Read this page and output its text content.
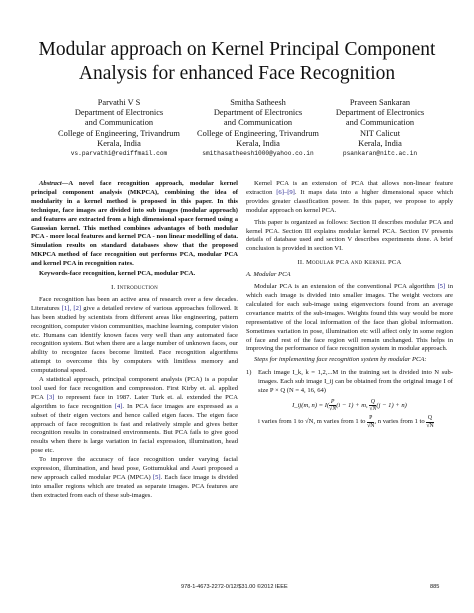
Modular approach on Kernel Principal Component Analysis for enhanced Face Recognition
Parvathi V S
Department of Electronics
and Communication
College of Engineering, Trivandrum
Kerala, India
vs.parvathi@rediffmail.com
Smitha Satheesh
Department of Electronics
and Communication
College of Engineering, Trivandrum
Kerala, India
smithasatheesh1000@yahoo.co.in
Praveen Sankaran
Department of Electronics
and Communication
NIT Calicut
Kerala, India
psankaran@nitc.ac.in

Abstract—A novel face recognition approach, modular kernel principal component analysis (MKPCA), combining the idea of modularity in a kernel method is proposed in this paper. In this technique, face images are divided into sub images (modular approach) and features are extracted from a high dimensional space formed using a Gaussian kernel. This method combines advantages of both modular PCA - more local features and kernel PCA - non linear modelling of data. Simulation results on standard databases show that the proposed MKPCA method of face recognition out performs PCA, modular PCA and kernel PCA in recognition rates.

Keywords-face recognition, kernel PCA, modular PCA.

I. Introduction

Face recognition has been an active area of research over a few decades. Literatures [1], [2] give a detailed review of various approaches followed. It has been studied by scientists from different areas like engineering, pattern recognition, computer vision communities, machine learning, computer vision etc. Humans can identify known faces very well than any automated face recognition system. But when there are a large number of unknown faces, our ability to recognize faces become limited. Face recognition algorithms attempt to overcome this by computers with limitless memory and computational speed.

A statistical approach, principal component analysis (PCA) is a popular tool used for face recognition and compression. First Kirby et. al. applied PCA [3] to represent face in 1987. Later Turk et. al. extended the PCA algorithm to face recognition [4]. In PCA face images are expressed as a subset of their eigen vectors and hence called eigen faces. The eigen face approach of face recognition is fast and relatively simple and gives better recognition results in constrained environments. But PCA fails to give good results when there is large variation in facial expression, illumination, head pose etc.

To improve the accuracy of face recognition under varying facial expression, illumination, and head pose, Gottumukkal and Asari proposed a new approach called modular PCA (MPCA) [5]. Each face image is divided into smaller regions which are treated as separate images. PCA features are then extracted from each of these sub-images.

Kernel PCA is an extension of PCA that allows non-linear feature extraction [6]–[9]. It maps data into a higher dimensional space which provides greater classification power. In this paper, we propose to apply modular approach on kernel PCA.

This paper is organized as follows: Section II describes modular PCA and kernel PCA. Section III explains modular kernel PCA. Section IV presents details of database used and section V describes experiments done. A brief conclusion is provided in section VI.

II. Modular PCA and Kernel PCA

A. Modular PCA

Modular PCA is an extension of the conventional PCA algorithm [5] in which each image is divided into smaller images. The weight vectors are calculated for each sub-image using eigenvectors found from an average covariance matrix of the sub-images. Weights found this way would be more representative of the local information of the face than global information. Sometimes variation in pose, illumination etc will affect only in some region of face and rest of the face region will remain unchanged. This helps in improving the performance of face recognition system in modular approach.

Steps for implementing face recognition system by modular PCA:

1) Each image I_k, k = 1,2,...M in the training set is divided into N sub-images. Each sub image I_ij can be obtained from the original image I of size P × Q (N = 4, 16, 64)

I_ij(m, $n) = I( \frac{P}{√N} (i - 1) + m$, $\frac{Q}{√N} (j - 1) + n$)

i varies from 1 to √N, m varies from 1 to $\frac{P}{√N}$ , n varies from 1 to $\frac{Q}{√N}$

978-1-4673-2272-0/12/$31.00 ©2012 IEEE	885
